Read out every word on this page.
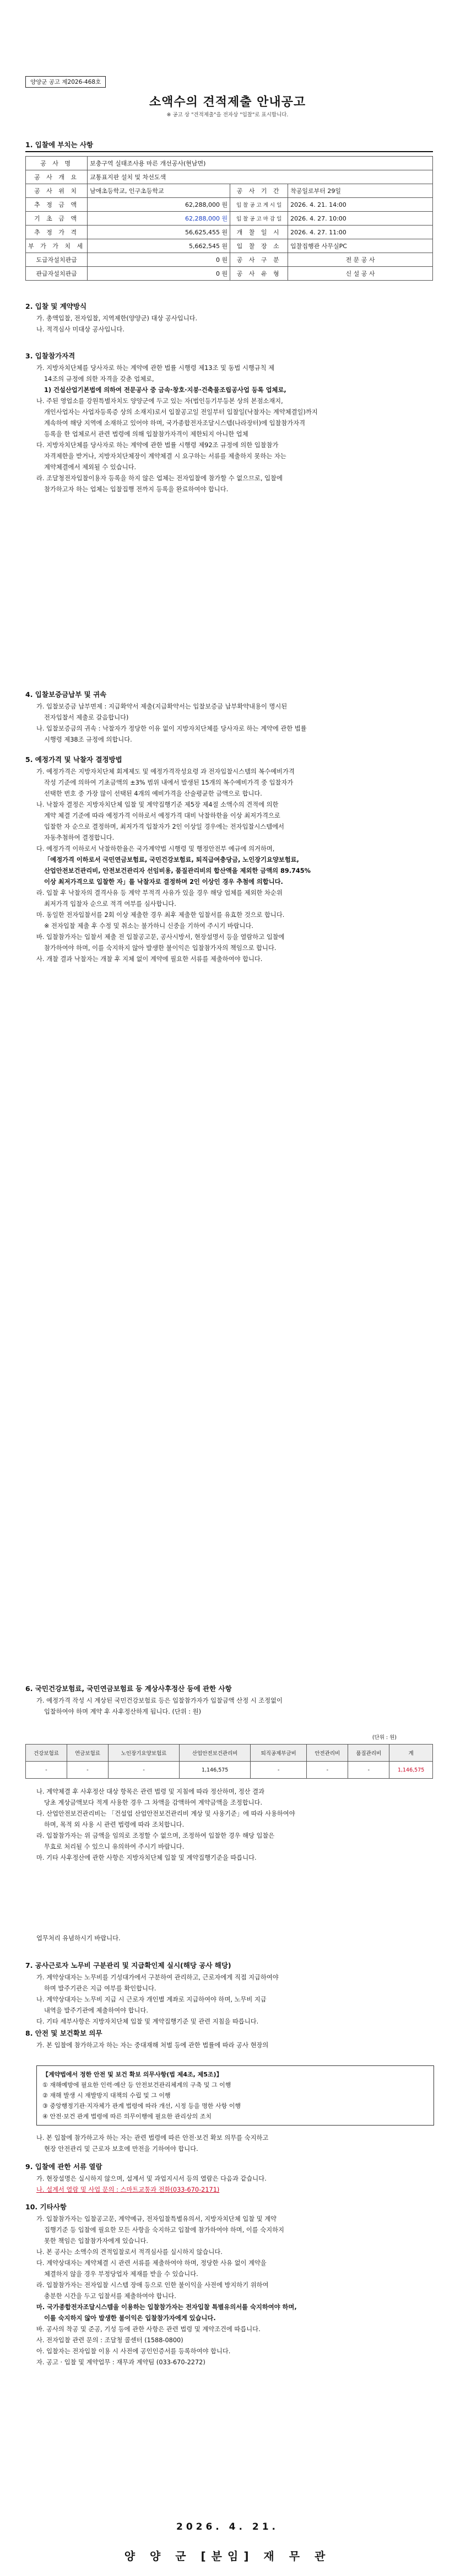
양양군 공고 제2026-468호
소액수의 견적제출 안내공고
※ 공고 상 "견적제출"을 전자상 "입찰"로 표시합니다.
1. 입찰에 부치는 사항
공 사 명	보충구역 실태조사용 마른 개선공사(현남면)		
공 사 개 요	교통표지판 설치 및 차선도색		
공 사 위 치	남애초등학교, 인구초등학교	공 사 기 간	착공일로부터 29일
추 정 금 액	62,288,000 원	입 찰 공 고 게 시 일	2026. 4. 21. 14:00
기 초 금 액	62,288,000 원	입 찰 공 고 마 감 일	2026. 4. 27. 10:00
추 정 가 격	56,625,455 원	개 찰 일 시	2026. 4. 27. 11:00
부 가 가 치 세	5,662,545 원	입 찰 장 소	입찰집행관 사무실PC
도급자설치관급	0 원	공 사 구 분	전 문 공 사
관급자설치관급	0 원	공 사 유 형	신 설 공 사
2. 입찰 및 계약방식

가. 총액입찰, 전자입찰, 지역제한(양양군) 대상 공사입니다.

나. 적격심사 미대상 공사입니다.

3. 입찰참가자격

가. 지방자치단체를 당사자로 하는 계약에 관한 법률 시행령 제13조 및 동법 시행규칙 제

14조의 규정에 의한 자격을 갖춘 업체로,

1) 건설산업기본법에 의하여 전문공사 중 금속·창호·지붕·건축물조립공사업 등록 업체로,

나. 주된 영업소를 강원특별자치도 양양군에 두고 있는 자(법인등기부등본 상의 본점소재지,

개인사업자는 사업자등록증 상의 소재지)로서 입찰공고일 전일부터 입찰일(낙찰자는 계약체결일)까지

계속하여 해당 지역에 소재하고 있어야 하며, 국가종합전자조달시스템(나라장터)에 입찰참가자격

등록을 한 업체로서 관련 법령에 의해 입찰참가자격이 제한되지 아니한 업체

다. 지방자치단체를 당사자로 하는 계약에 관한 법률 시행령 제92조 규정에 의한 입찰참가

자격제한을 받거나, 지방자치단체장이 계약체결 시 요구하는 서류를 제출하지 못하는 자는

계약체결에서 제외될 수 있습니다.

라. 조달청전자입찰이용자 등록을 하지 않은 업체는 전자입찰에 참가할 수 없으므로, 입찰에

참가하고자 하는 업체는 입찰집행 전까지 등록을 완료하여야 합니다.

4. 입찰보증금납부 및 귀속

가. 입찰보증금 납부면제 : 지급확약서 제출(지급확약서는 입찰보증금 납부확약내용이 명시된

전자입찰서 제출로 갈음합니다)

나. 입찰보증금의 귀속 : 낙찰자가 정당한 이유 없이 지방자치단체를 당사자로 하는 계약에 관한 법률

시행령 제38조 규정에 의합니다.

5. 예정가격 및 낙찰자 결정방법

가. 예정가격은 지방자치단체 회계제도 및 예정가격작성요령 과 전자입찰시스템의 복수예비가격

작성 기준에 의하여 기초금액의 ±3% 범위 내에서 발생된 15개의 복수예비가격 중 입찰자가

선택한 번호 중 가장 많이 선택된 4개의 예비가격을 산술평균한 금액으로 합니다.

나. 낙찰자 결정은 지방자치단체 입찰 및 계약집행기준 제5장 제4절 소액수의 견적에 의한

계약 체결 기준에 따라 예정가격 이하로서 예정가격 대비 낙찰하한율 이상 최저가격으로

입찰한 자 순으로 결정하며, 최저가격 입찰자가 2인 이상일 경우에는 전자입찰시스템에서

자동추첨하여 결정합니다.

다. 예정가격 이하로서 낙찰하한율은 국가계약법 시행령 및 행정안전부 예규에 의거하며,

「예정가격 이하로서 국민연금보험료, 국민건강보험료, 퇴직급여충당금, 노인장기요양보험료,

산업안전보건관리비, 안전보건관리자 선임비용, 품질관리비의 합산액을 제외한 금액의 89.745%

이상 최저가격으로 입찰한 자」를 낙찰자로 결정하며 2인 이상인 경우 추첨에 의합니다.

라. 입찰 후 낙찰자의 결격사유 등 계약 부적격 사유가 있을 경우 해당 업체를 제외한 차순위

최저가격 입찰자 순으로 적격 여부를 심사합니다.

마. 동일한 전자입찰서를 2회 이상 제출한 경우 최후 제출한 입찰서를 유효한 것으로 합니다.

※ 전자입찰 제출 후 수정 및 취소는 불가하니 신중을 기하여 주시기 바랍니다.

바. 입찰참가자는 입찰서 제출 전 입찰공고문, 공사시방서, 현장설명서 등을 열람하고 입찰에

참가하여야 하며, 이를 숙지하지 않아 발생한 불이익은 입찰참가자의 책임으로 합니다.

사. 개찰 결과 낙찰자는 개찰 후 지체 없이 계약에 필요한 서류를 제출하여야 합니다.

6. 국민건강보험료, 국민연금보험료 등 계상사후정산 등에 관한 사항

가. 예정가격 작성 시 계상된 국민건강보험료 등은 입찰참가자가 입찰금액 산정 시 조정없이

입찰하여야 하며 계약 후 사후정산하게 됩니다. (단위 : 원)

(단위 : 원)
건강보험료	연금보험료	노인장기요양보험료	산업안전보건관리비	퇴직공제부금비	안전관리비	품질관리비	계
-	-	-	1,146,575	-	-	-	1,146,575

나. 계약체결 후 사후정산 대상 항목은 관련 법령 및 지침에 따라 정산하며, 정산 결과

당초 계상금액보다 적게 사용한 경우 그 차액을 감액하여 계약금액을 조정합니다.

다. 산업안전보건관리비는 「건설업 산업안전보건관리비 계상 및 사용기준」에 따라 사용하여야

하며, 목적 외 사용 시 관련 법령에 따라 조치합니다.

라. 입찰참가자는 위 금액을 임의로 조정할 수 없으며, 조정하여 입찰한 경우 해당 입찰은

무효로 처리될 수 있으니 유의하여 주시기 바랍니다.

마. 기타 사후정산에 관한 사항은 지방자치단체 입찰 및 계약집행기준을 따릅니다.

업무처리 유념하시기 바랍니다.

7. 공사근로자 노무비 구분관리 및 지급확인제 실시(해당 공사 해당)

가. 계약상대자는 노무비를 기성대가에서 구분하여 관리하고, 근로자에게 직접 지급하여야

하며 발주기관은 지급 여부를 확인합니다.

나. 계약상대자는 노무비 지급 시 근로자 개인별 계좌로 지급하여야 하며, 노무비 지급

내역을 발주기관에 제출하여야 합니다.

다. 기타 세부사항은 지방자치단체 입찰 및 계약집행기준 및 관련 지침을 따릅니다.

8. 안전 및 보건확보 의무

가. 본 입찰에 참가하고자 하는 자는 중대재해 처벌 등에 관한 법률에 따라 공사 현장의

【계약법에서 정한 안전 및 보건 확보 의무사항(법 제4조, 제5조)】

① 재해예방에 필요한 인력·예산 등 안전보건관리체계의 구축 및 그 이행

② 재해 발생 시 재발방지 대책의 수립 및 그 이행

③ 중앙행정기관·지자체가 관계 법령에 따라 개선, 시정 등을 명한 사항 이행

④ 안전·보건 관계 법령에 따른 의무이행에 필요한 관리상의 조치

나. 본 입찰에 참가하고자 하는 자는 관련 법령에 따른 안전·보건 확보 의무를 숙지하고

현장 안전관리 및 근로자 보호에 만전을 기하여야 합니다.

9. 입찰에 관한 서류 열람

가. 현장설명은 실시하지 않으며, 설계서 및 과업지시서 등의 열람은 다음과 같습니다.

나. 설계서 열람 및 사업 문의 : 스마트교통과 전화(033-670-2171)

10. 기타사항

가. 입찰참가자는 입찰공고문, 계약예규, 전자입찰특별유의서, 지방자치단체 입찰 및 계약

집행기준 등 입찰에 필요한 모든 사항을 숙지하고 입찰에 참가하여야 하며, 이를 숙지하지

못한 책임은 입찰참가자에게 있습니다.

나. 본 공사는 소액수의 견적입찰로서 적격심사를 실시하지 않습니다.

다. 계약상대자는 계약체결 시 관련 서류를 제출하여야 하며, 정당한 사유 없이 계약을

체결하지 않을 경우 부정당업자 제재를 받을 수 있습니다.

라. 입찰참가자는 전자입찰 시스템 장애 등으로 인한 불이익을 사전에 방지하기 위하여

충분한 시간을 두고 입찰서를 제출하여야 합니다.

마. 국가종합전자조달시스템을 이용하는 입찰참가자는 전자입찰 특별유의서를 숙지하여야 하며,

이를 숙지하지 않아 발생한 불이익은 입찰참가자에게 있습니다.

바. 공사의 착공 및 준공, 기성 등에 관한 사항은 관련 법령 및 계약조건에 따릅니다.

사. 전자입찰 관련 문의 : 조달청 콜센터 (1588-0800)

아. 입찰자는 전자입찰 이용 시 사전에 공인인증서를 등록하여야 합니다.

자. 공고 · 입찰 및 계약업무 : 재무과 계약팀 (033-670-2272)

2026. 4. 21.
양 양 군 [분임] 재 무 관
